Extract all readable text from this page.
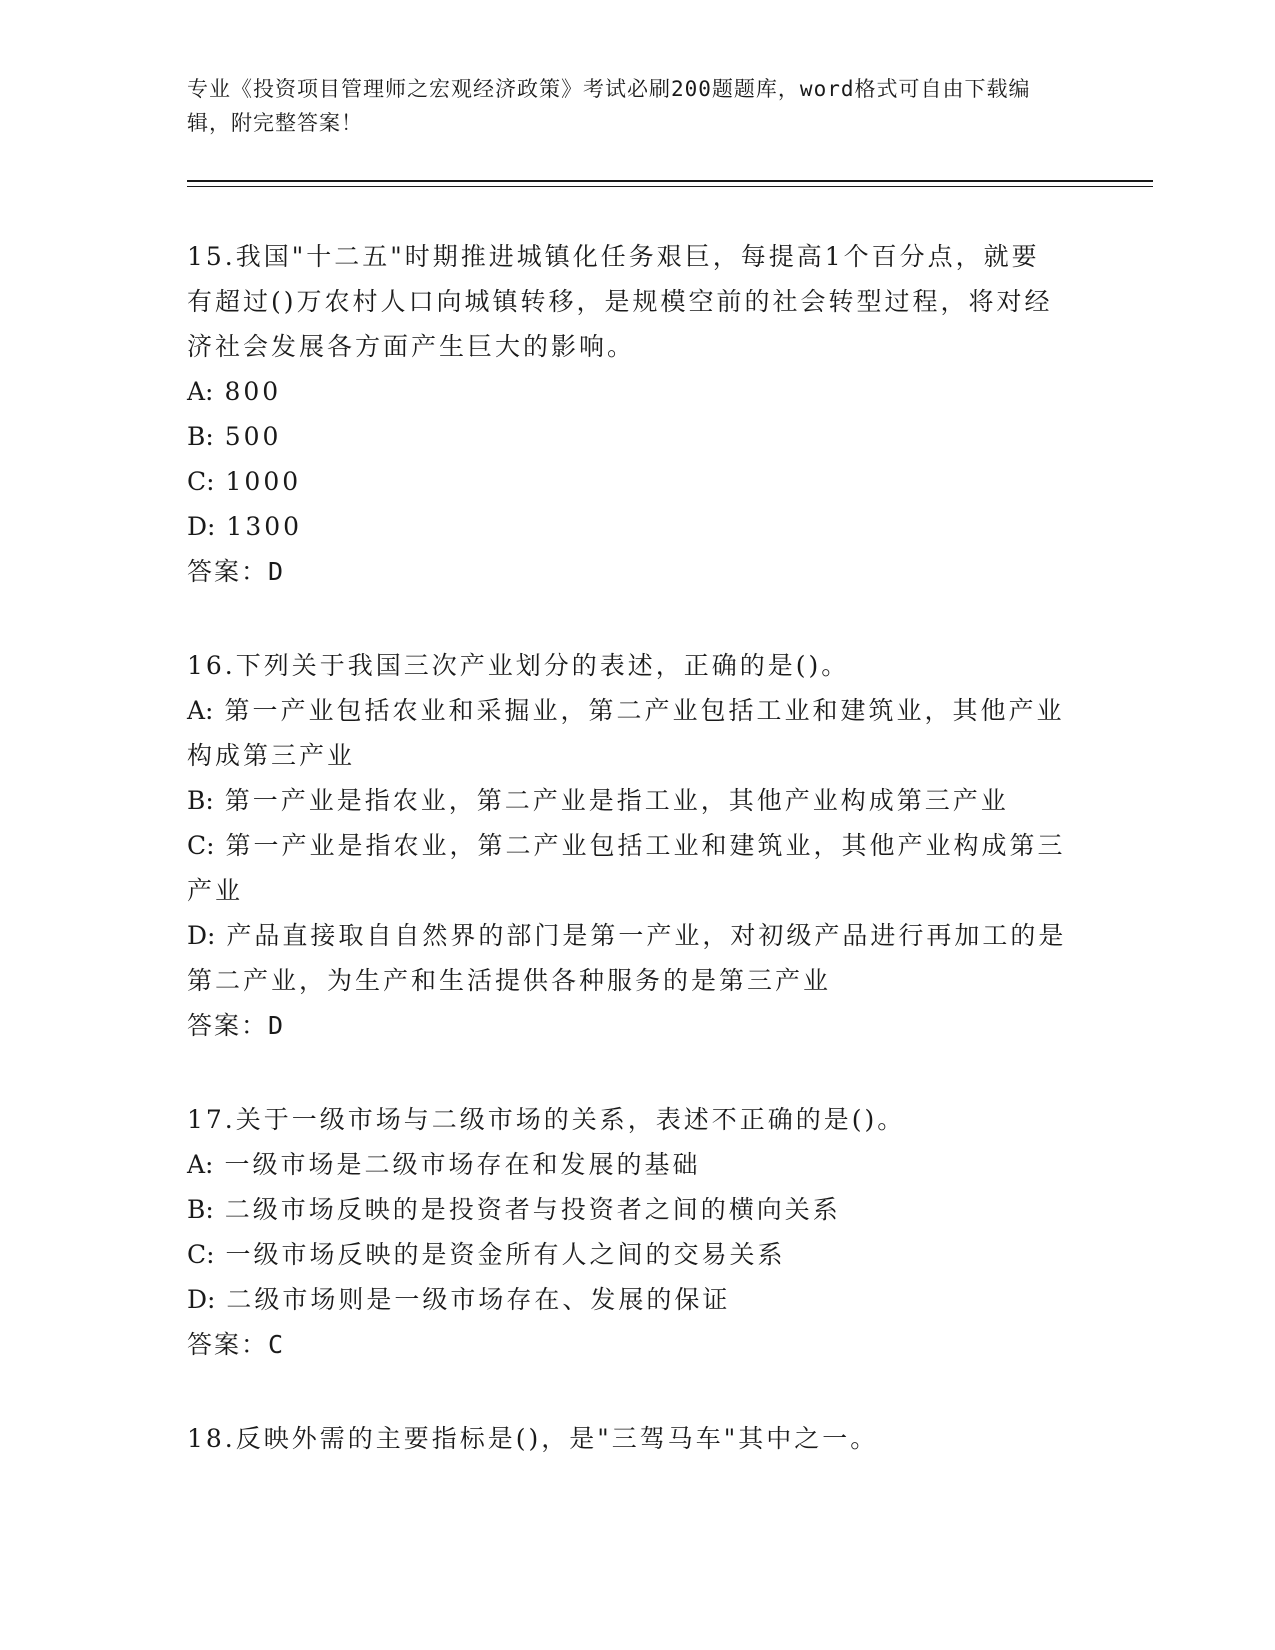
专业《投资项目管理师之宏观经济政策》考试必刷200题题库，word格式可自由下载编辑，附完整答案！
15.我国"十二五"时期推进城镇化任务艰巨，每提高1个百分点，就要有超过()万农村人口向城镇转移，是规模空前的社会转型过程，将对经济社会发展各方面产生巨大的影响。
A: 800
B: 500
C: 1000
D: 1300
答案：D
16.下列关于我国三次产业划分的表述，正确的是()。
A: 第一产业包括农业和采掘业，第二产业包括工业和建筑业，其他产业构成第三产业
B: 第一产业是指农业，第二产业是指工业，其他产业构成第三产业
C: 第一产业是指农业，第二产业包括工业和建筑业，其他产业构成第三产业
D: 产品直接取自自然界的部门是第一产业，对初级产品进行再加工的是第二产业，为生产和生活提供各种服务的是第三产业
答案：D
17.关于一级市场与二级市场的关系，表述不正确的是()。
A: 一级市场是二级市场存在和发展的基础
B: 二级市场反映的是投资者与投资者之间的横向关系
C: 一级市场反映的是资金所有人之间的交易关系
D: 二级市场则是一级市场存在、发展的保证
答案：C
18.反映外需的主要指标是()，是"三驾马车"其中之一。
